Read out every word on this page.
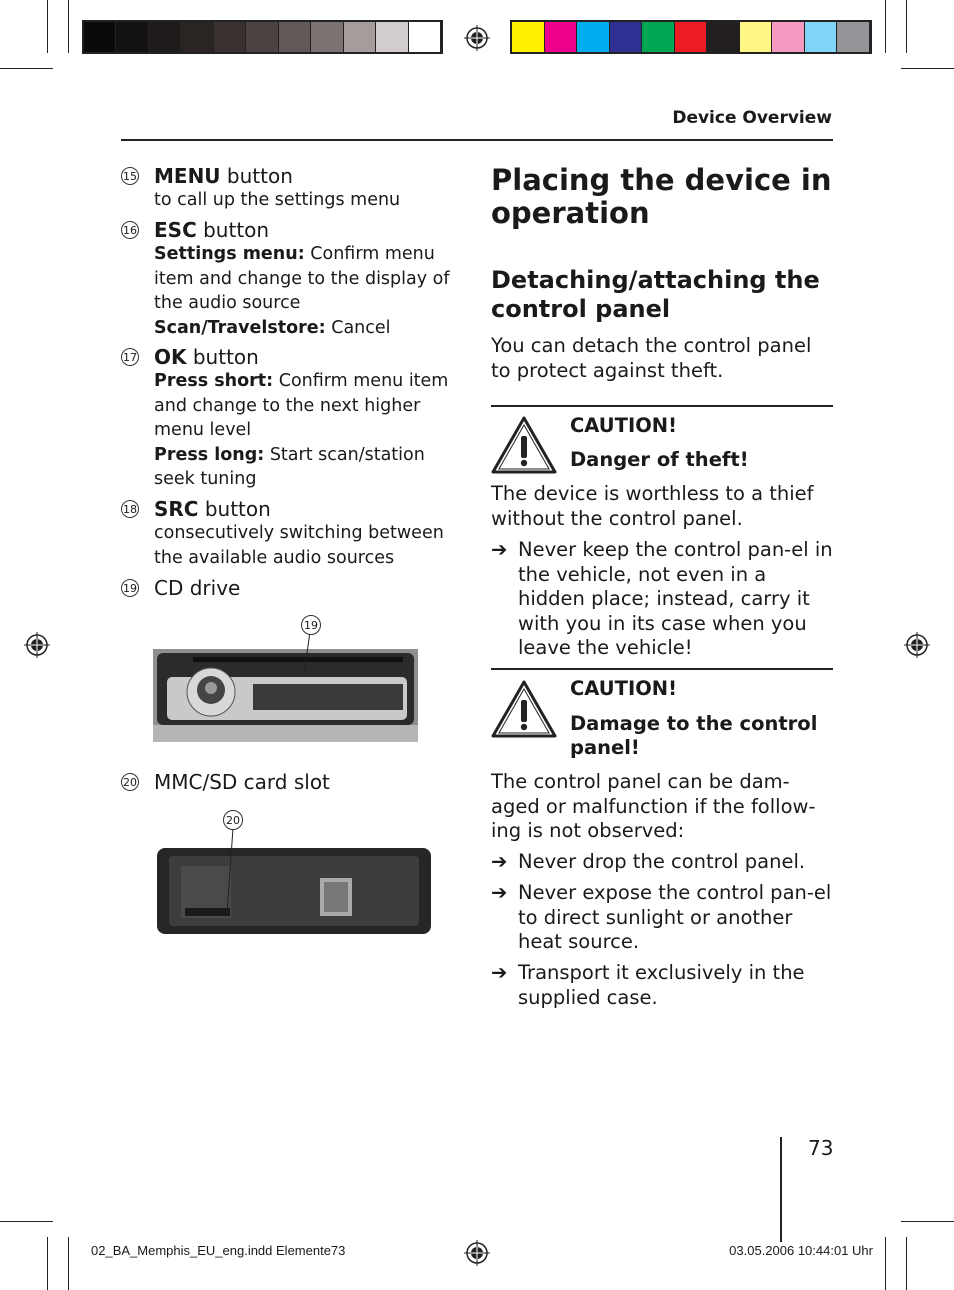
Device Overview
15 MENU button
to call up the settings menu
16 ESC button
Settings menu: Confirm menu item and change to the display of the audio source
Scan/Travelstore: Cancel
17 OK button
Press short: Confirm menu item and change to the next higher menu level
Press long: Start scan/station seek tuning
18 SRC button
consecutively switching between the available audio sources
19 CD drive
19
20 MMC/SD card slot
20
Placing the device in operation
Detaching/attaching the control panel
You can detach the control panel to protect against theft.
CAUTION!
Danger of theft!
The device is worthless to a thief without the control panel.
➔ Never keep the control pan-el in the vehicle, not even in a hidden place; instead, carry it with you in its case when you leave the vehicle!
CAUTION!
Damage to the control panel!
The control panel can be dam-aged or malfunction if the follow-ing is not observed:
➔ Never drop the control panel.
➔ Never expose the control pan-el to direct sunlight or another heat source.
➔ Transport it exclusively in the supplied case.
73
02_BA_Memphis_EU_eng.indd Elemente73	03.05.2006 10:44:01 Uhr
